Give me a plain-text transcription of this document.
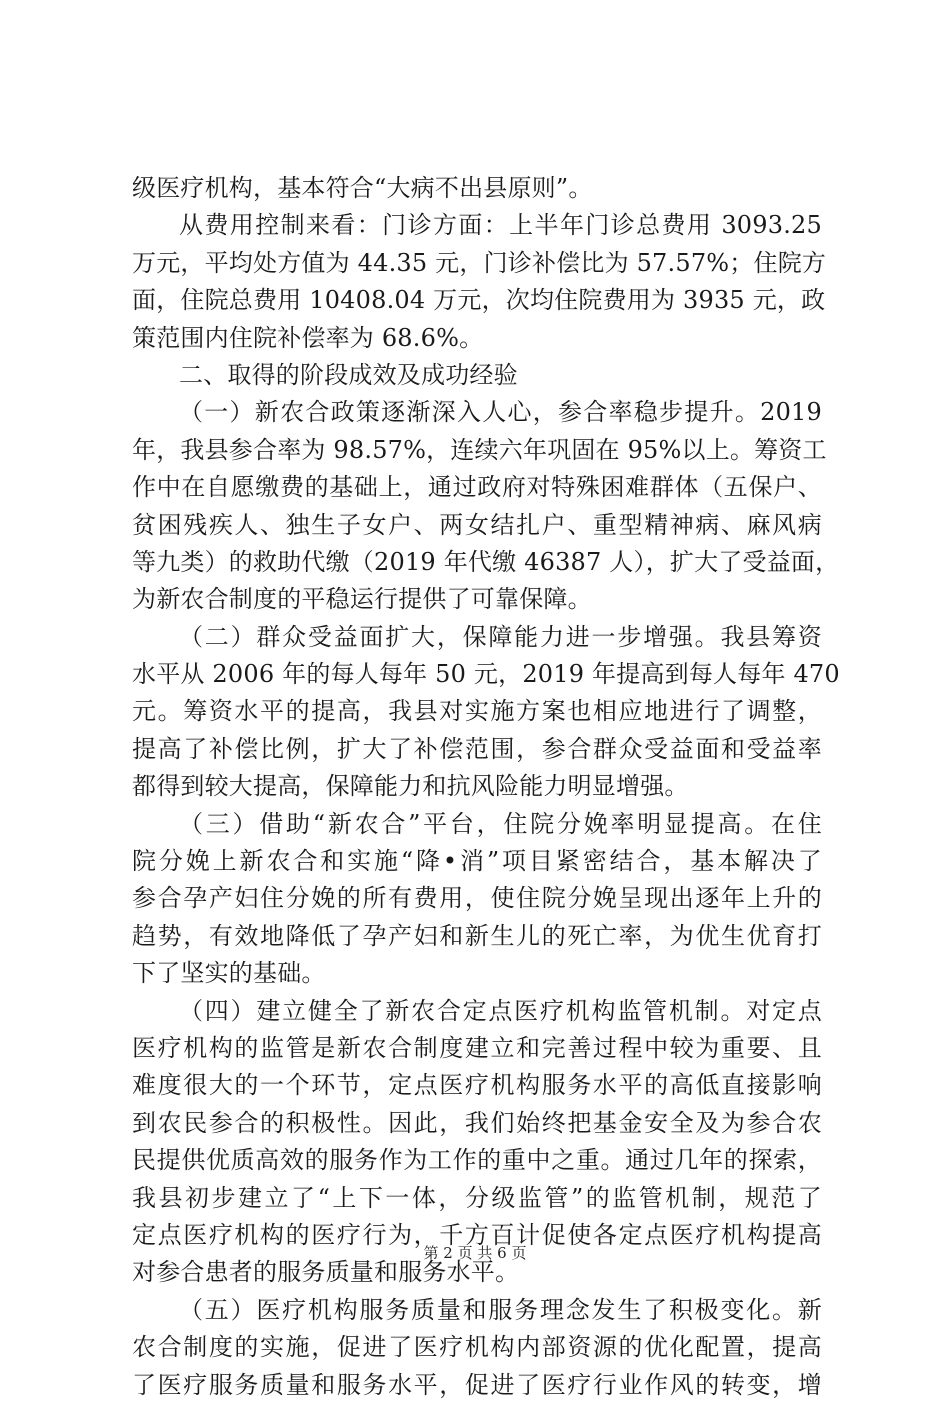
级医疗机构，基本符合“大病不出县原则”。
从费用控制来看：门诊方面：上半年门诊总费用 3093.25
万元，平均处方值为 44.35 元，门诊补偿比为 57.57%；住院方
面，住院总费用 10408.04 万元，次均住院费用为 3935 元，政
策范围内住院补偿率为 68.6%。
二、取得的阶段成效及成功经验
（一）新农合政策逐渐深入人心，参合率稳步提升。2019
年，我县参合率为 98.57%，连续六年巩固在 95%以上。筹资工
作中在自愿缴费的基础上，通过政府对特殊困难群体（五保户、
贫困残疾人、独生子女户、两女结扎户、重型精神病、麻风病
等九类）的救助代缴（2019 年代缴 46387 人），扩大了受益面，
为新农合制度的平稳运行提供了可靠保障。
（二）群众受益面扩大，保障能力进一步增强。我县筹资
水平从 2006 年的每人每年 50 元，2019 年提高到每人每年 470
元。筹资水平的提高，我县对实施方案也相应地进行了调整，
提高了补偿比例，扩大了补偿范围，参合群众受益面和受益率
都得到较大提高，保障能力和抗风险能力明显增强。
（三）借助“新农合”平台，住院分娩率明显提高。在住
院分娩上新农合和实施“降•消”项目紧密结合，基本解决了
参合孕产妇住分娩的所有费用，使住院分娩呈现出逐年上升的
趋势，有效地降低了孕产妇和新生儿的死亡率，为优生优育打
下了坚实的基础。
（四）建立健全了新农合定点医疗机构监管机制。对定点
医疗机构的监管是新农合制度建立和完善过程中较为重要、且
难度很大的一个环节，定点医疗机构服务水平的高低直接影响
到农民参合的积极性。因此，我们始终把基金安全及为参合农
民提供优质高效的服务作为工作的重中之重。通过几年的探索，
我县初步建立了“上下一体，分级监管”的监管机制，规范了
定点医疗机构的医疗行为，千方百计促使各定点医疗机构提高
对参合患者的服务质量和服务水平。
（五）医疗机构服务质量和服务理念发生了积极变化。新
农合制度的实施，促进了医疗机构内部资源的优化配置，提高
了医疗服务质量和服务水平，促进了医疗行业作风的转变，增
第 2 页 共 6 页
